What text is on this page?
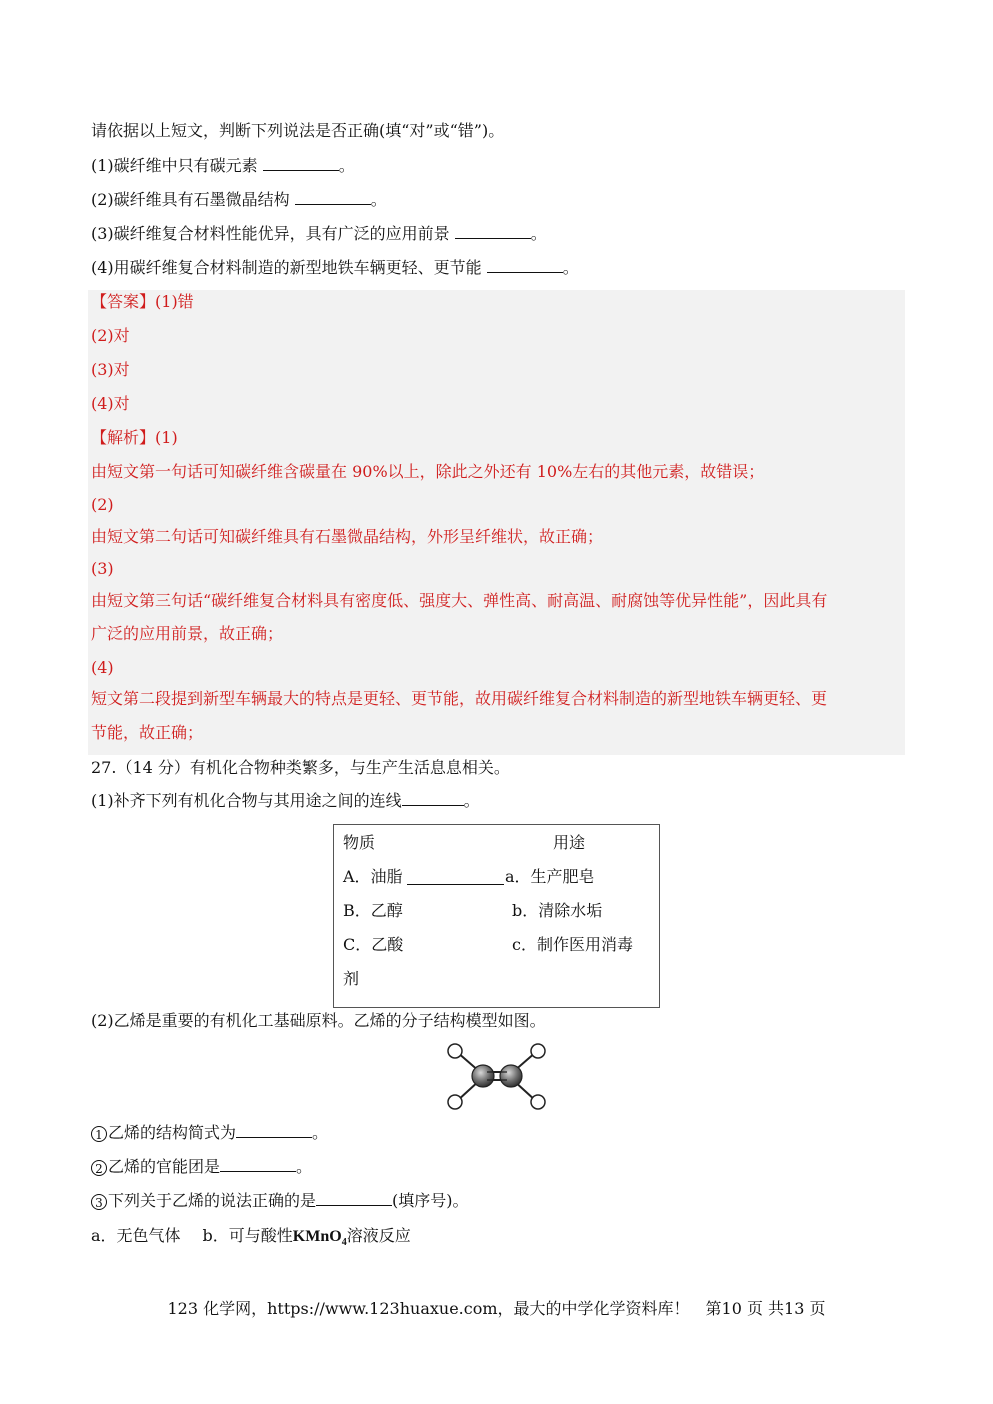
请依据以上短文，判断下列说法是否正确(填“对”或“错”)。
(1)碳纤维中只有碳元素	。
(2)碳纤维具有石墨微晶结构	。
(3)碳纤维复合材料性能优异，具有广泛的应用前景	。
(4)用碳纤维复合材料制造的新型地铁车辆更轻、更节能	。
【答案】(1)错
(2)对
(3)对
(4)对
【解析】(1)
由短文第一句话可知碳纤维含碳量在 90%以上，除此之外还有 10%左右的其他元素，故错误；
(2)
由短文第二句话可知碳纤维具有石墨微晶结构，外形呈纤维状，故正确；
(3)
由短文第三句话“碳纤维复合材料具有密度低、强度大、弹性高、耐高温、耐腐蚀等优异性能”，因此具有
广泛的应用前景，故正确；
(4)
短文第二段提到新型车辆最大的特点是更轻、更节能，故用碳纤维复合材料制造的新型地铁车辆更轻、更
节能，故正确；
27.（14 分）有机化合物种类繁多，与生产生活息息相关。
(1)补齐下列有机化合物与其用途之间的连线	。
物质	用途
A．油脂	a．生产肥皂
B．乙醇	b．清除水垢
C．乙酸	c．制作医用消毒
剂
(2)乙烯是重要的有机化工基础原料。乙烯的分子结构模型如图。
1 乙烯的结构简式为	。
2 乙烯的官能团是	。
3 下列关于乙烯的说法正确的是	(填序号)。
a．无色气体 b．可与酸性KMnO$_4$溶液反应
123 化学网，https://www.123huaxue.com，最大的中学化学资料库！　第10 页 共13 页
